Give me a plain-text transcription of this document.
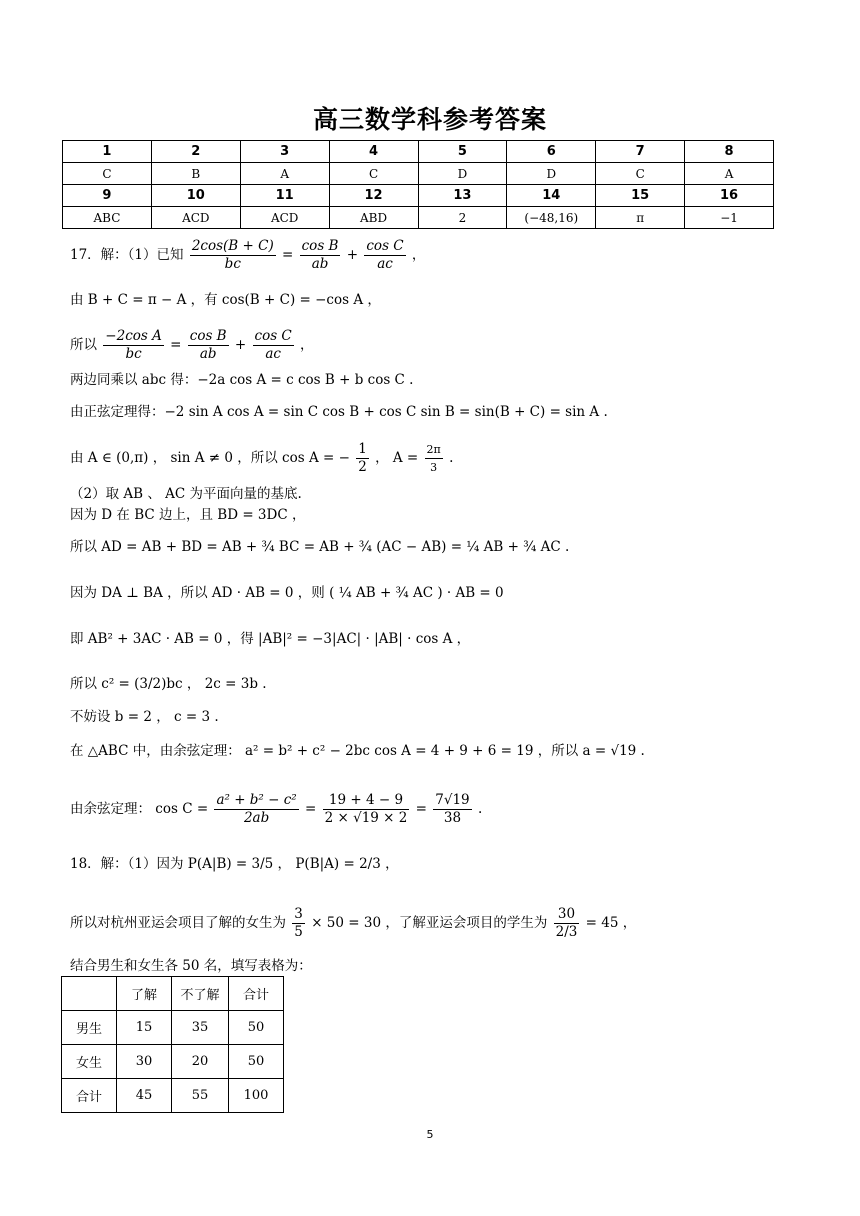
高三数学科参考答案
1	2	3	4	5	6	7	8
C	B	A	C	D	D	C	A
9	10	11	12	13	14	15	16
ABC	ACD	ACD	ABD	2	(−48,16)	π	−1
17．解：（1）已知 $\frac{2\cos(B + C)}{bc} = \frac{\text{cos B}}{ab} + \frac{\text{cos C}}{ac}$ ，
由 B + C = π − A ，有 cos(B + C) = −cos A ，
所以 $\frac{\text{−2cos A}}{bc} = \frac{\text{cos B}}{ab} + \frac{\text{cos C}}{ac}$ ，
两边同乘以 abc 得：−2a cos A = c cos B + b cos C .
由正弦定理得：−2 sin A cos A = sin C cos B + cos C sin B = sin(B + C) = sin A .
由 A ∈ (0,π) ， sin A ≠ 0 ，所以 cos A = − $\frac{1}{2}$ ， $A = \frac{2\pi}{3}$ .
（2）取 AB 、 AC 为平面向量的基底.
因为 D 在 BC 边上，且 BD = 3DC ，
所以 AD = AB + BD = AB + ¾ BC = AB + ¾ (AC − AB) = ¼ AB + ¾ AC .
因为 DA ⊥ BA ，所以 AD · AB = 0 ，则 ( ¼ AB + ¾ AC ) · AB = 0
即 AB² + 3AC · AB = 0 ，得 |AB|² = −3|AC| · |AB| · cos A ，
所以 c² = (3/2)bc ， 2c = 3b .
不妨设 b = 2 ， c = 3 .
在 △ABC 中，由余弦定理： a² = b² + c² − 2bc cos A = 4 + 9 + 6 = 19 ，所以 a = √19 .
由余弦定理： $\cos C = \frac{\text{a² + b² − c²}}{2ab} = \frac{19 + 4 - 9}{2 \times √19 \times 2} = \frac{7√19}{38}$ .
18．解：（1）因为 P(A|B) = 3/5 ， P(B|A) = 2/3 ，
所以对杭州亚运会项目了解的女生为 $\frac{3}{5} \times 50 = 30$ ，了解亚运会项目的学生为 $\frac{30}{2/3} = 45$ ，
结合男生和女生各 50 名，填写表格为：
	了解	不了解	合计
男生	15	35	50
女生	30	20	50
合计	45	55	100
5
